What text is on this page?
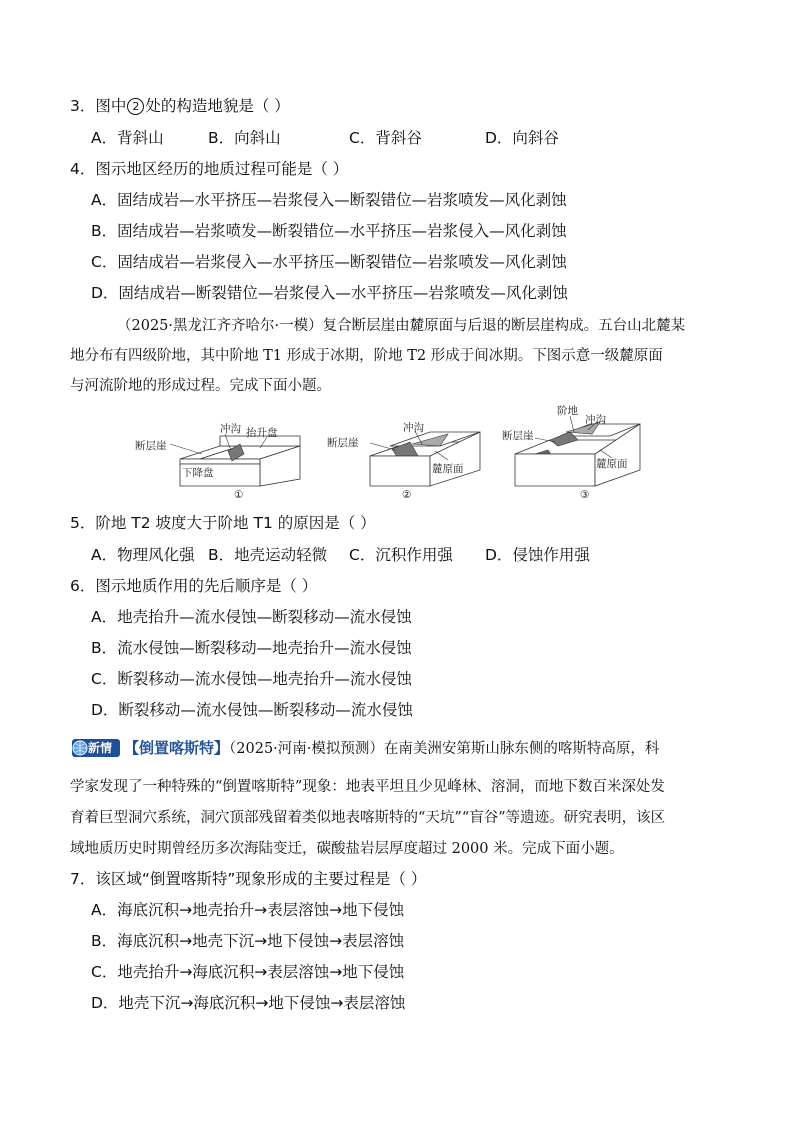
3．图中 2 处的构造地貌是（ ）
A．背斜山	B．向斜山	C．背斜谷	D．向斜谷
4．图示地区经历的地质过程可能是（ ）
A．固结成岩—水平挤压—岩浆侵入—断裂错位—岩浆喷发—风化剥蚀
B．固结成岩—岩浆喷发—断裂错位—水平挤压—岩浆侵入—风化剥蚀
C．固结成岩—岩浆侵入—水平挤压—断裂错位—岩浆喷发—风化剥蚀
D．固结成岩—断裂错位—岩浆侵入—水平挤压—岩浆喷发—风化剥蚀
（2025·黑龙江齐齐哈尔·一模）复合断层崖由麓原面与后退的断层崖构成。五台山北麓某
地分布有四级阶地，其中阶地 T1 形成于冰期，阶地 T2 形成于间冰期。下图示意一级麓原面
与河流阶地的形成过程。完成下面小题。
冲沟 抬升盘
断层崖
下降盘
①
冲沟
断层崖
麓原面
②
阶地
冲沟
断层崖
麓原面
③
5．阶地 T2 坡度大于阶地 T1 的原因是（ ）
A．物理风化强 B．地壳运动轻微 C．沉积作用强 D．侵蚀作用强
6．图示地质作用的先后顺序是（ ）
A．地壳抬升—流水侵蚀—断裂移动—流水侵蚀
B．流水侵蚀—断裂移动—地壳抬升—流水侵蚀
C．断裂移动—流水侵蚀—地壳抬升—流水侵蚀
D．断裂移动—流水侵蚀—断裂移动—流水侵蚀
新情境
【倒置喀斯特】（2025·河南·模拟预测）在南美洲安第斯山脉东侧的喀斯特高原，科
学家发现了一种特殊的“倒置喀斯特”现象：地表平坦且少见峰林、溶洞，而地下数百米深处发
育着巨型洞穴系统，洞穴顶部残留着类似地表喀斯特的“天坑”“盲谷”等遗迹。研究表明，该区
域地质历史时期曾经历多次海陆变迁，碳酸盐岩层厚度超过 2000 米。完成下面小题。
7．该区域“倒置喀斯特”现象形成的主要过程是（ ）
A．海底沉积→地壳抬升→表层溶蚀→地下侵蚀
B．海底沉积→地壳下沉→地下侵蚀→表层溶蚀
C．地壳抬升→海底沉积→表层溶蚀→地下侵蚀
D．地壳下沉→海底沉积→地下侵蚀→表层溶蚀
